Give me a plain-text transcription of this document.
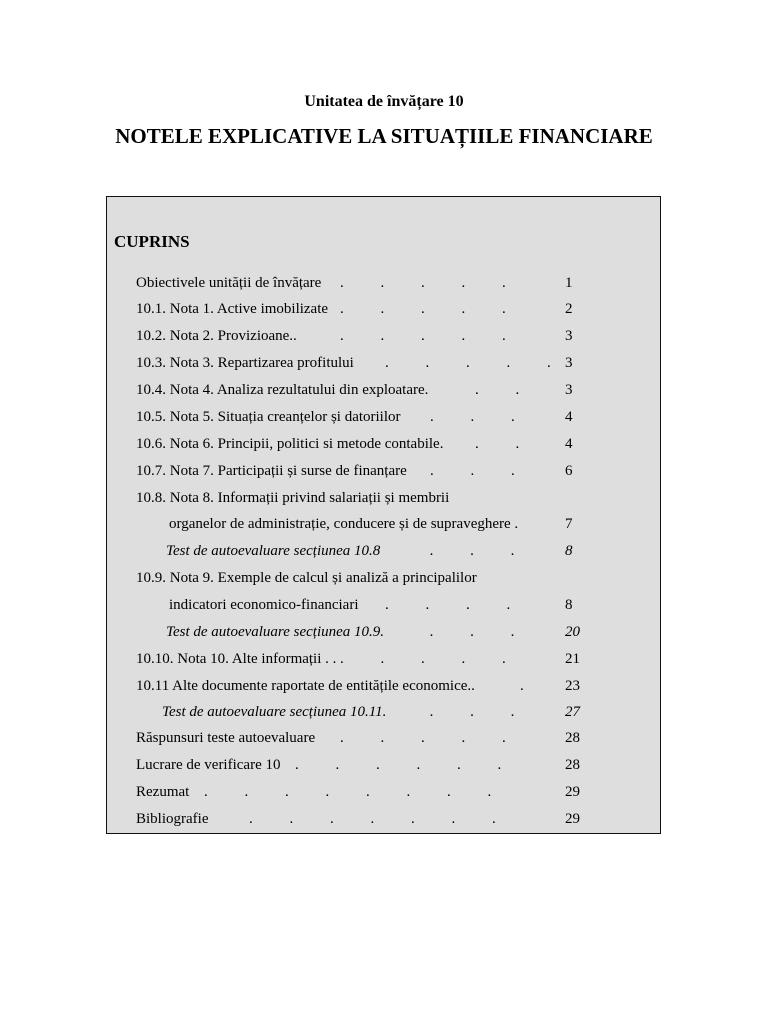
Unitatea de învățare 10
NOTELE EXPLICATIVE LA SITUAȚIILE FINANCIARE
CUPRINS
Obiectivele unității de învățare . . . . .	1
10.1. Nota 1. Active imobilizate . . . . .	2
10.2. Nota 2. Provizioane..	. . . . .	3
10.3. Nota 3. Repartizarea profitului . . . . . 3
10.4. Nota 4. Analiza rezultatului din exploatare.	. .	3
10.5. Nota 5. Situația creanțelor și datoriilor . . .	4
10.6. Nota 6. Principii, politici si metode contabile. . .	4
10.7. Nota 7. Participații și surse de finanțare . . .	6
10.8. Nota 8. Informații privind salariații și membrii
organelor de administrație, conducere și de supraveghere .	7
Test de autoevaluare secțiunea 10.8	. . .	8
10.9. Nota 9. Exemple de calcul și analiză a principalilor
indicatori economico-financiari . . . .	8
Test de autoevaluare secțiunea 10.9.	. . .	20
10.10. Nota 10. Alte informații . . . . . . .	21
10.11 Alte documente raportate de entitățile economice..	.	23
Test de autoevaluare secțiunea 10.11.	. . .	27
Răspunsuri teste autoevaluare . . . . .	28
Lucrare de verificare 10 . . . . . .	28
Rezumat . . . . . . . .	29
Bibliografie	. . . . . . .	29
